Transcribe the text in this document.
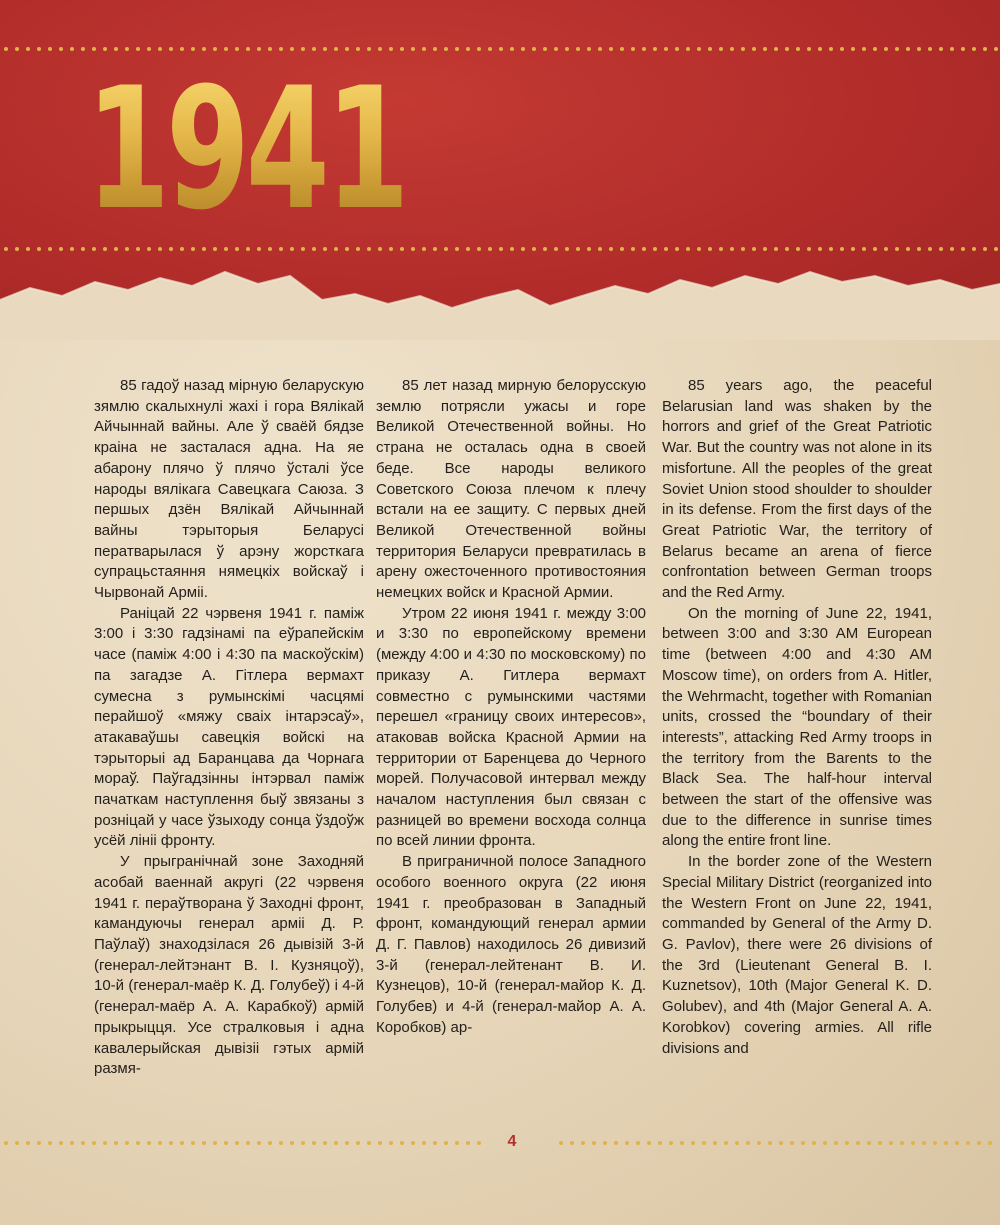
1941

85 гадоў назад мірную беларускую зямлю скалыхнулі жахі і гора Вялікай Айчыннай вайны. Але ў сваёй бядзе краіна не засталася адна. На яе абарону плячо ў плячо ўсталі ўсе народы вялікага Савецкага Саюза. З першых дзён Вялікай Айчыннай вайны тэрыторыя Беларусі ператварылася ў арэну жорсткага супрацьстаяння нямецкіх войскаў і Чырвонай Арміі.

Раніцай 22 чэрвеня 1941 г. паміж 3:00 і 3:30 гадзінамі па еўрапейскім часе (паміж 4:00 і 4:30 па маскоўскім) па загадзе А. Гітлера вермахт сумесна з румынскімі часцямі перайшоў «мяжу сваіх інтарэсаў», атакаваўшы савецкія войскі на тэрыторыі ад Баранцава да Чорнага мораў. Паўгадзінны інтэрвал паміж пачаткам наступлення быў звязаны з розніцай у часе ўзыходу сонца ўздоўж усёй лініі фронту.

У прыгранічнай зоне Заходняй асобай ваеннай акругі (22 чэрвеня 1941 г. пераўтворана ў Заходні фронт, камандуючы генерал арміі Д. Р. Паўлаў) знаходзілася 26 дывізій 3-й (генерал-лейтэнант В. І. Кузняцоў), 10-й (генерал-маёр К. Д. Голубеў) і 4-й (генерал-маёр А. А. Карабкоў) армій прыкрыцця. Усе стралковыя і адна кавалерыйская дывізіі гэтых армій размя-

85 лет назад мирную белорусскую землю потрясли ужасы и горе Великой Отечественной войны. Но страна не осталась одна в своей беде. Все народы великого Советского Союза плечом к плечу встали на ее защиту. С первых дней Великой Отечественной войны территория Беларуси превратилась в арену ожесточенного противостояния немецких войск и Красной Армии.

Утром 22 июня 1941 г. между 3:00 и 3:30 по европейскому времени (между 4:00 и 4:30 по московскому) по приказу А. Гитлера вермахт совместно с румынскими частями перешел «границу своих интересов», атаковав войска Красной Армии на территории от Баренцева до Черного морей. Получасовой интервал между началом наступления был связан с разницей во времени восхода солнца по всей линии фронта.

В приграничной полосе Западного особого военного округа (22 июня 1941 г. преобразован в Западный фронт, командующий генерал армии Д. Г. Павлов) находилось 26 дивизий 3-й (генерал-лейтенант В. И. Кузнецов), 10-й (генерал-майор К. Д. Голубев) и 4-й (генерал-майор А. А. Коробков) ар-

85 years ago, the peaceful Belarusian land was shaken by the horrors and grief of the Great Patriotic War. But the country was not alone in its misfortune. All the peoples of the great Soviet Union stood shoulder to shoulder in its defense. From the first days of the Great Patriotic War, the territory of Belarus became an arena of fierce confrontation between German troops and the Red Army.

On the morning of June 22, 1941, between 3:00 and 3:30 AM European time (between 4:00 and 4:30 AM Moscow time), on orders from A. Hitler, the Wehrmacht, together with Romanian units, crossed the “boundary of their interests”, attacking Red Army troops in the territory from the Barents to the Black Sea. The half-hour interval between the start of the offensive was due to the difference in sunrise times along the entire front line.

In the border zone of the Western Special Military District (reorganized into the Western Front on June 22, 1941, commanded by General of the Army D. G. Pavlov), there were 26 divisions of the 3rd (Lieutenant General B. I. Kuznetsov), 10th (Major General K. D. Golubev), and 4th (Major General A. A. Korobkov) covering armies. All rifle divisions and

4
